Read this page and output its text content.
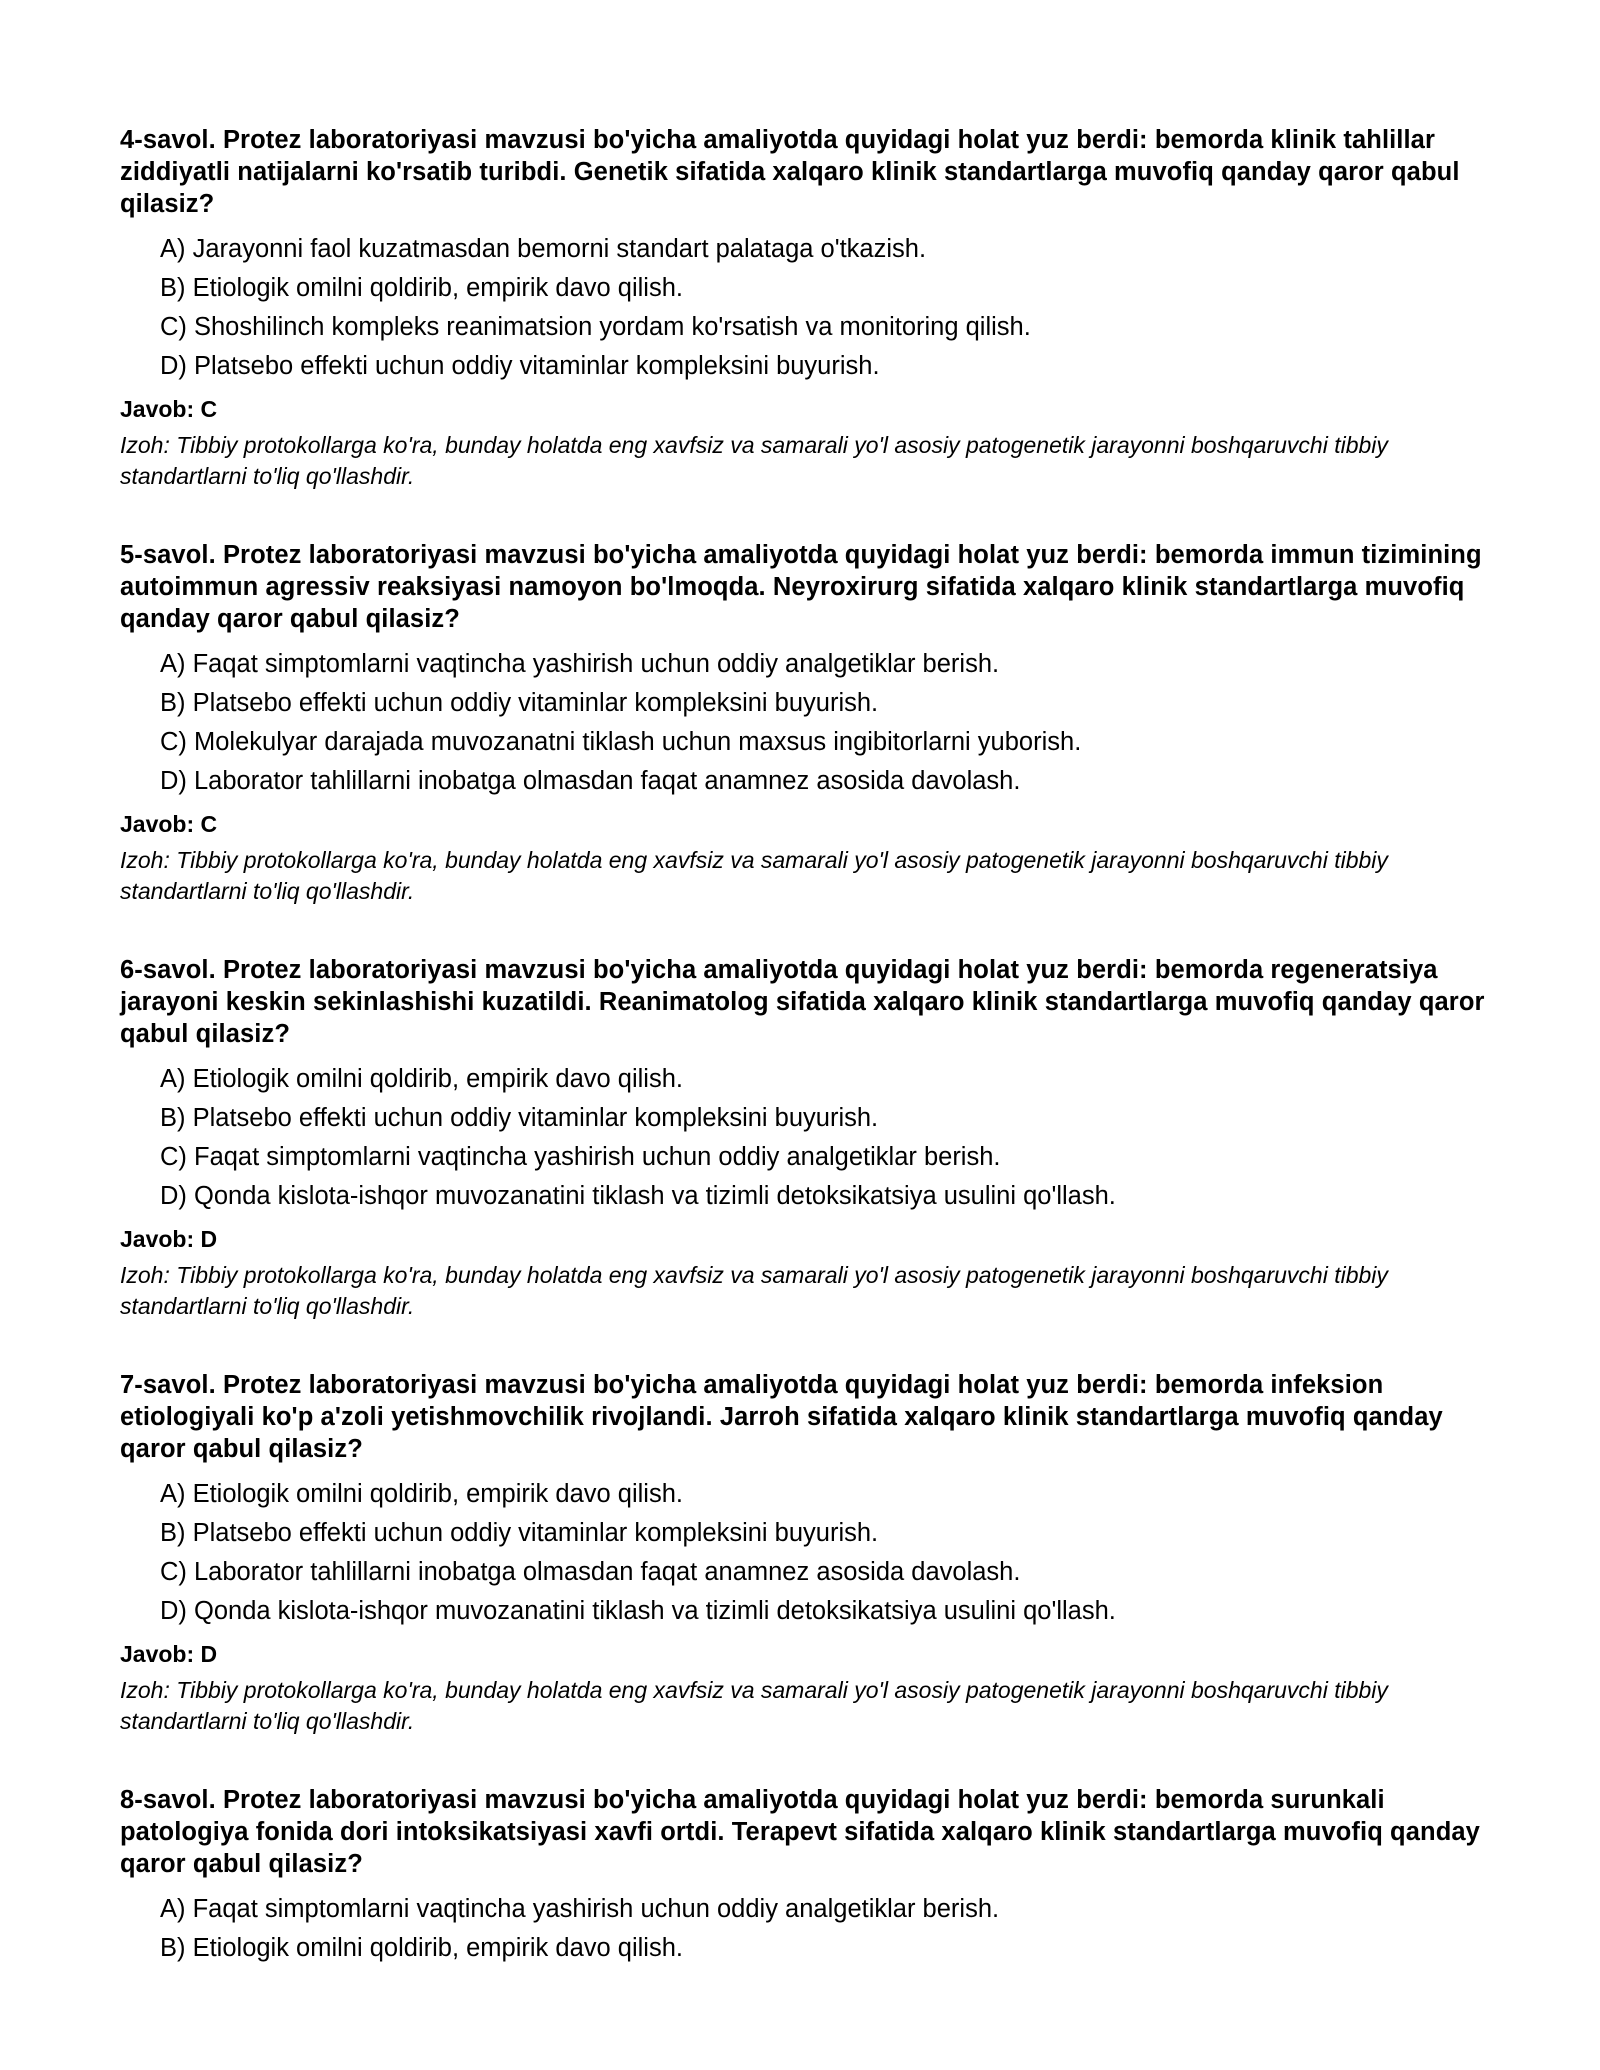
4-savol. Protez laboratoriyasi mavzusi bo'yicha amaliyotda quyidagi holat yuz berdi: bemorda klinik tahlillar ziddiyatli natijalarni ko'rsatib turibdi. Genetik sifatida xalqaro klinik standartlarga muvofiq qanday qaror qabul qilasiz?

A) Jarayonni faol kuzatmasdan bemorni standart palataga o'tkazish.
B) Etiologik omilni qoldirib, empirik davo qilish.
C) Shoshilinch kompleks reanimatsion yordam ko'rsatish va monitoring qilish.
D) Platsebo effekti uchun oddiy vitaminlar kompleksini buyurish.

Javob: C

Izoh: Tibbiy protokollarga ko'ra, bunday holatda eng xavfsiz va samarali yo'l asosiy patogenetik jarayonni boshqaruvchi tibbiy standartlarni to'liq qo'llashdir.

5-savol. Protez laboratoriyasi mavzusi bo'yicha amaliyotda quyidagi holat yuz berdi: bemorda immun tizimining autoimmun agressiv reaksiyasi namoyon bo'lmoqda. Neyroxirurg sifatida xalqaro klinik standartlarga muvofiq qanday qaror qabul qilasiz?

A) Faqat simptomlarni vaqtincha yashirish uchun oddiy analgetiklar berish.
B) Platsebo effekti uchun oddiy vitaminlar kompleksini buyurish.
C) Molekulyar darajada muvozanatni tiklash uchun maxsus ingibitorlarni yuborish.
D) Laborator tahlillarni inobatga olmasdan faqat anamnez asosida davolash.

Javob: C

Izoh: Tibbiy protokollarga ko'ra, bunday holatda eng xavfsiz va samarali yo'l asosiy patogenetik jarayonni boshqaruvchi tibbiy standartlarni to'liq qo'llashdir.

6-savol. Protez laboratoriyasi mavzusi bo'yicha amaliyotda quyidagi holat yuz berdi: bemorda regeneratsiya jarayoni keskin sekinlashishi kuzatildi. Reanimatolog sifatida xalqaro klinik standartlarga muvofiq qanday qaror qabul qilasiz?

A) Etiologik omilni qoldirib, empirik davo qilish.
B) Platsebo effekti uchun oddiy vitaminlar kompleksini buyurish.
C) Faqat simptomlarni vaqtincha yashirish uchun oddiy analgetiklar berish.
D) Qonda kislota-ishqor muvozanatini tiklash va tizimli detoksikatsiya usulini qo'llash.

Javob: D

Izoh: Tibbiy protokollarga ko'ra, bunday holatda eng xavfsiz va samarali yo'l asosiy patogenetik jarayonni boshqaruvchi tibbiy standartlarni to'liq qo'llashdir.

7-savol. Protez laboratoriyasi mavzusi bo'yicha amaliyotda quyidagi holat yuz berdi: bemorda infeksion etiologiyali ko'p a'zoli yetishmovchilik rivojlandi. Jarroh sifatida xalqaro klinik standartlarga muvofiq qanday qaror qabul qilasiz?

A) Etiologik omilni qoldirib, empirik davo qilish.
B) Platsebo effekti uchun oddiy vitaminlar kompleksini buyurish.
C) Laborator tahlillarni inobatga olmasdan faqat anamnez asosida davolash.
D) Qonda kislota-ishqor muvozanatini tiklash va tizimli detoksikatsiya usulini qo'llash.

Javob: D

Izoh: Tibbiy protokollarga ko'ra, bunday holatda eng xavfsiz va samarali yo'l asosiy patogenetik jarayonni boshqaruvchi tibbiy standartlarni to'liq qo'llashdir.

8-savol. Protez laboratoriyasi mavzusi bo'yicha amaliyotda quyidagi holat yuz berdi: bemorda surunkali patologiya fonida dori intoksikatsiyasi xavfi ortdi. Terapevt sifatida xalqaro klinik standartlarga muvofiq qanday qaror qabul qilasiz?

A) Faqat simptomlarni vaqtincha yashirish uchun oddiy analgetiklar berish.
B) Etiologik omilni qoldirib, empirik davo qilish.
